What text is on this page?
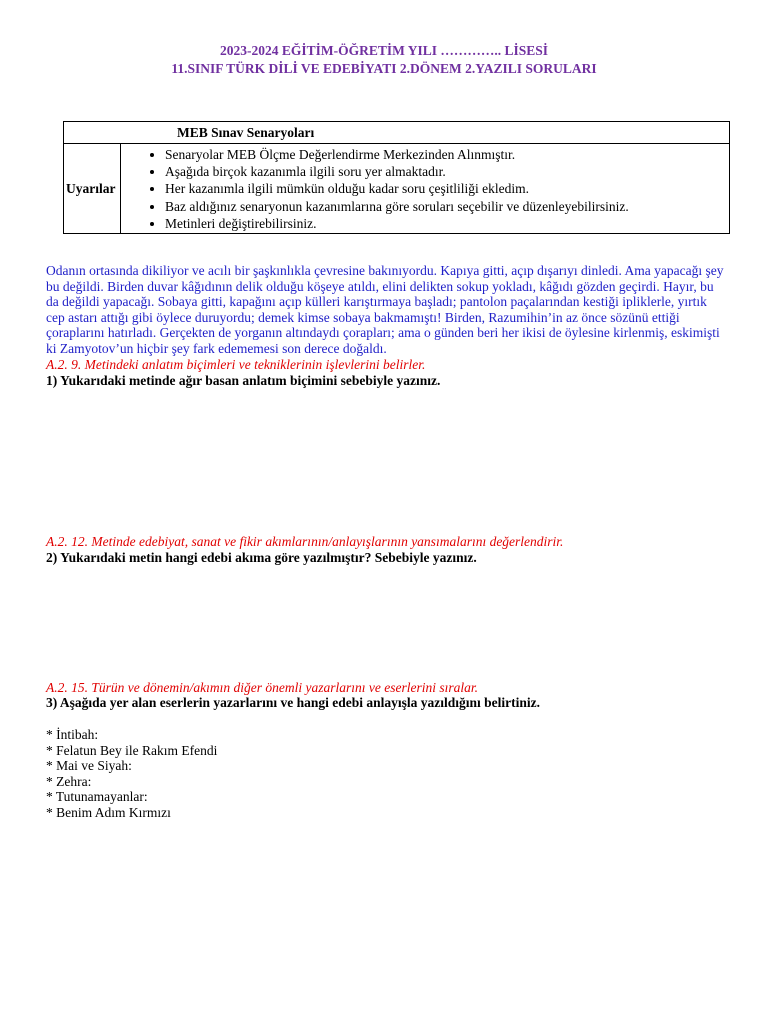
2023-2024 EĞİTİM-ÖĞRETİM YILI ………….. LİSESİ
11.SINIF TÜRK DİLİ VE EDEBİYATI 2.DÖNEM 2.YAZILI SORULARI
MEB Sınav Senaryoları
Uyarılar	
• Senaryolar MEB Ölçme Değerlendirme Merkezinden Alınmıştır.
• Aşağıda birçok kazanımla ilgili soru yer almaktadır.
• Her kazanımla ilgili mümkün olduğu kadar soru çeşitliliği ekledim.
• Baz aldığınız senaryonun kazanımlarına göre soruları seçebilir ve düzenleyebilirsiniz.
• Metinleri değiştirebilirsiniz.

Odanın ortasında dikiliyor ve acılı bir şaşkınlıkla çevresine bakınıyordu. Kapıya gitti, açıp dışarıyı dinledi. Ama yapacağı şey bu değildi. Birden duvar kâğıdının delik olduğu köşeye atıldı, elini delikten sokup yokladı, kâğıdı gözden geçirdi. Hayır, bu da değildi yapacağı. Sobaya gitti, kapağını açıp külleri karıştırmaya başladı; pantolon paçalarından kestiği ipliklerle, yırtık cep astarı attığı gibi öylece duruyordu; demek kimse sobaya bakmamıştı! Birden, Razumihin’in az önce sözünü ettiği çoraplarını hatırladı. Gerçekten de yorganın altındaydı çorapları; ama o günden beri her ikisi de öylesine kirlenmiş, eskimişti ki Zamyotov’un hiçbir şey fark edememesi son derece doğaldı.

A.2. 9. Metindeki anlatım biçimleri ve tekniklerinin işlevlerini belirler.
1) Yukarıdaki metinde ağır basan anlatım biçimini sebebiyle yazınız.
A.2. 12. Metinde edebiyat, sanat ve fikir akımlarının/anlayışlarının yansımalarını değerlendirir.
2) Yukarıdaki metin hangi edebi akıma göre yazılmıştır? Sebebiyle yazınız.
A.2. 15. Türün ve dönemin/akımın diğer önemli yazarlarını ve eserlerini sıralar.
3) Aşağıda yer alan eserlerin yazarlarını ve hangi edebi anlayışla yazıldığını belirtiniz.
* İntibah:
* Felatun Bey ile Rakım Efendi
* Mai ve Siyah:
* Zehra:
* Tutunamayanlar:
* Benim Adım Kırmızı
